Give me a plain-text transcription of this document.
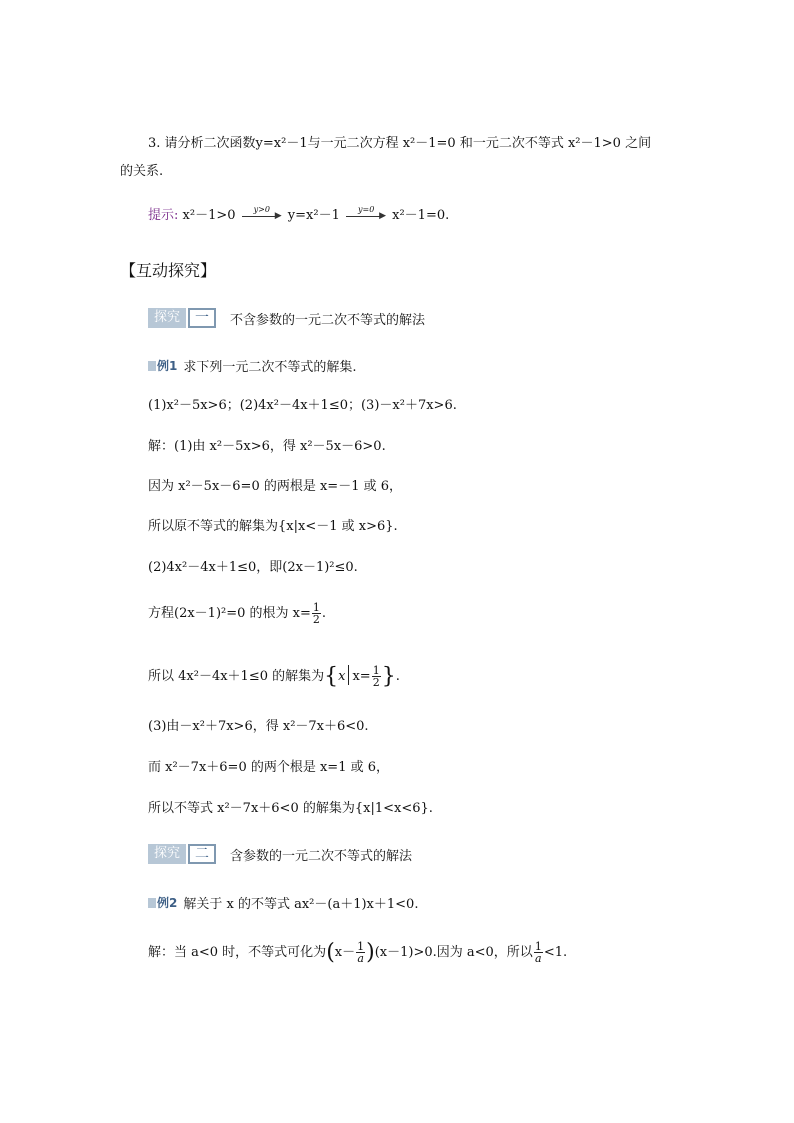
3. 请分析二次函数y=x²－1与一元二次方程 x²－1=0 和一元二次不等式 x²－1>0 之间
的关系.
提示: x²－1>0 y>0
▶ y=x²－1 y=0
▶ x²－1=0.
【互动探究】
探究	一	不含参数的一元二次不等式的解法
例1 求下列一元二次不等式的解集.
(1)x²－5x>6；(2)4x²－4x＋1≤0；(3)－x²＋7x>6.
解：(1)由 x²－5x>6，得 x²－5x－6>0.
因为 x²－5x－6=0 的两根是 x=－1 或 6，
所以原不等式的解集为{x|x<－1 或 x>6}.
(2)4x²－4x＋1≤0，即(2x－1)²≤0.
方程(2x－1)²=0 的根为 $x= \frac{1}{2}$ .
所以 4x²－4x＋1≤0 的解集为{x $x= \frac{1}{2}$ }.
(3)由－x²＋7x>6，得 x²－7x＋6<0.
而 x²－7x＋6=0 的两个根是 x=1 或 6，
所以不等式 x²－7x＋6<0 的解集为{x|1<x<6}.
探究	二	含参数的一元二次不等式的解法
例2 解关于 x 的不等式 ax²－(a＋1)x＋1<0.
解：当 a<0 时，不等式可化为$(x- \frac{1}{a} )(x-1)>0$.因为 a<0，所以 $\frac{1}{a} <1$.
